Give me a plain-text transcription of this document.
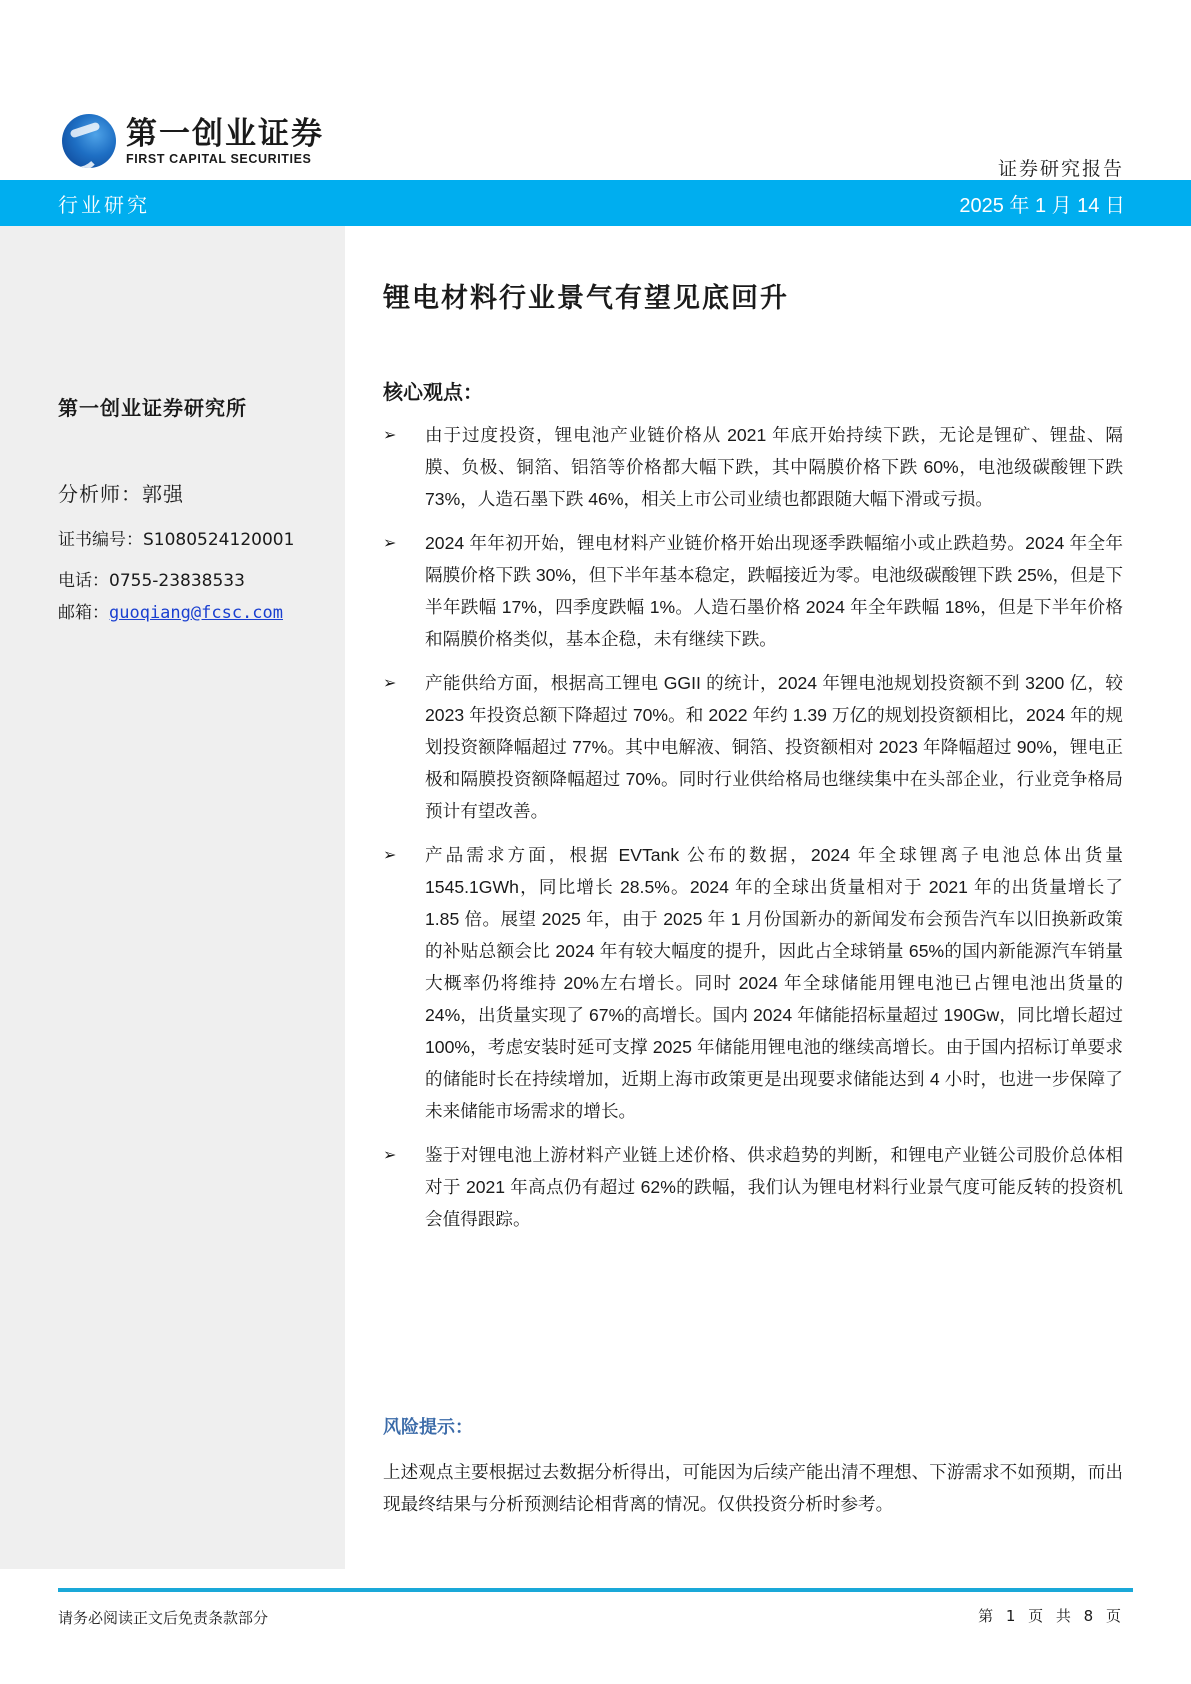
第一创业证券
FIRST CAPITAL SECURITIES	证券研究报告
行业研究	2025 年 1 月 14 日
第一创业证券研究所
分析师：郭强
证书编号：S1080524120001
电话：0755-23838533
邮箱：guoqiang@fcsc.com
锂电材料行业景气有望见底回升
核心观点：
➢	由于过度投资，锂电池产业链价格从 2021 年底开始持续下跌，无论是锂矿、锂盐、隔膜、负极、铜箔、铝箔等价格都大幅下跌，其中隔膜价格下跌 60%，电池级碳酸锂下跌 73%，人造石墨下跌 46%，相关上市公司业绩也都跟随大幅下滑或亏损。
➢	2024 年年初开始，锂电材料产业链价格开始出现逐季跌幅缩小或止跌趋势。2024 年全年隔膜价格下跌 30%，但下半年基本稳定，跌幅接近为零。电池级碳酸锂下跌 25%，但是下半年跌幅 17%，四季度跌幅 1%。人造石墨价格 2024 年全年跌幅 18%，但是下半年价格和隔膜价格类似，基本企稳，未有继续下跌。
➢	产能供给方面，根据高工锂电 GGII 的统计，2024 年锂电池规划投资额不到 3200 亿，较 2023 年投资总额下降超过 70%。和 2022 年约 1.39 万亿的规划投资额相比，2024 年的规划投资额降幅超过 77%。其中电解液、铜箔、投资额相对 2023 年降幅超过 90%，锂电正极和隔膜投资额降幅超过 70%。同时行业供给格局也继续集中在头部企业，行业竞争格局预计有望改善。
➢	产品需求方面，根据 EVTank 公布的数据，2024 年全球锂离子电池总体出货量 1545.1GWh，同比增长 28.5%。2024 年的全球出货量相对于 2021 年的出货量增长了 1.85 倍。展望 2025 年，由于 2025 年 1 月份国新办的新闻发布会预告汽车以旧换新政策的补贴总额会比 2024 年有较大幅度的提升，因此占全球销量 65%的国内新能源汽车销量大概率仍将维持 20%左右增长。同时 2024 年全球储能用锂电池已占锂电池出货量的 24%，出货量实现了 67%的高增长。国内 2024 年储能招标量超过 190Gw，同比增长超过 100%，考虑安装时延可支撑 2025 年储能用锂电池的继续高增长。由于国内招标订单要求的储能时长在持续增加，近期上海市政策更是出现要求储能达到 4 小时，也进一步保障了未来储能市场需求的增长。
➢	鉴于对锂电池上游材料产业链上述价格、供求趋势的判断，和锂电产业链公司股价总体相对于 2021 年高点仍有超过 62%的跌幅，我们认为锂电材料行业景气度可能反转的投资机会值得跟踪。
风险提示：
上述观点主要根据过去数据分析得出，可能因为后续产能出清不理想、下游需求不如预期，而出现最终结果与分析预测结论相背离的情况。仅供投资分析时参考。
请务必阅读正文后免责条款部分	第 1 页 共 8 页
